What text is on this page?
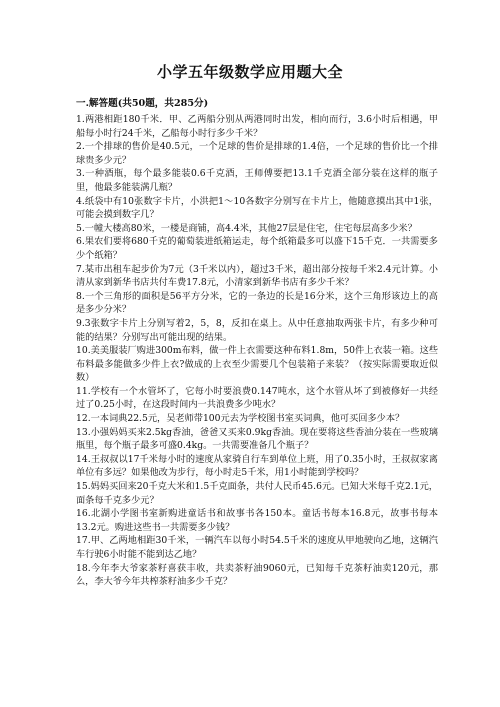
小学五年级数学应用题大全
一.解答题(共50题，共285分)
1.两港相距180千米．甲、乙两船分别从两港同时出发，相向而行，3.6小时后相遇，甲船每小时行24千米，乙船每小时行多少千米？
2.一个排球的售价是40.5元，一个足球的售价是排球的1.4倍，一个足球的售价比一个排球贵多少元？
3.一种酒瓶，每个最多能装0.6千克酒，王师傅要把13.1千克酒全部分装在这样的瓶子里，他最多能装满几瓶？
4.纸袋中有10张数字卡片，小洪把1～10各数字分别写在卡片上，他随意摸出其中1张，可能会摸到数字几？
5.一幢大楼高80米，一楼是商铺，高4.4米，其他27层是住宅，住宅每层高多少米？
6.果农们要将680千克的葡萄装进纸箱运走，每个纸箱最多可以盛下15千克．一共需要多少个纸箱？
7.某市出租车起步价为7元（3千米以内），超过3千米，超出部分按每千米2.4元计算。小清从家到新华书店共付车费17.8元，小清家到新华书店有多少千米？
8.一个三角形的面积是56平方分米，它的一条边的长是16分米，这个三角形该边上的高是多少分米？
9.3张数字卡片上分别写着2，5，8，反扣在桌上。从中任意抽取两张卡片，有多少种可能的结果？分别写出可能出现的结果。
10.美美服装厂购进300m布料，做一件上衣需要这种布料1.8m，50件上衣装一箱。这些布料最多能做多少件上衣?做成的上衣至少需要几个包装箱子来装？（按实际需要取近似数）
11.学校有一个水管坏了，它每小时要浪费0.147吨水，这个水管从坏了到被修好一共经过了0.25小时，在这段时间内一共浪费多少吨水？
12.一本词典22.5元，吴老师带100元去为学校图书室买词典，他可买回多少本？
13.小强妈妈买来2.5kg香油，爸爸又买来0.9kg香油。现在要将这些香油分装在一些玻璃瓶里，每个瓶子最多可盛0.4kg。一共需要准备几个瓶子？
14.王叔叔以17千米每小时的速度从家骑自行车到单位上班，用了0.35小时，王叔叔家离单位有多远？如果他改为步行，每小时走5千米，用1小时能到学校吗？
15.妈妈买回来20千克大米和1.5千克面条，共付人民币45.6元。已知大米每千克2.1元，面条每千克多少元？
16.北湖小学图书室新购进童话书和故事书各150本。童话书每本16.8元，故事书每本13.2元。购进这些书一共需要多少钱？
17.甲、乙两地相距30千米，一辆汽车以每小时54.5千米的速度从甲地驶向乙地，这辆汽车行驶6小时能不能到达乙地？
18.今年李大爷家茶籽喜获丰收，共卖茶籽油9060元，已知每千克茶籽油卖120元，那么，李大爷今年共榨茶籽油多少千克？
